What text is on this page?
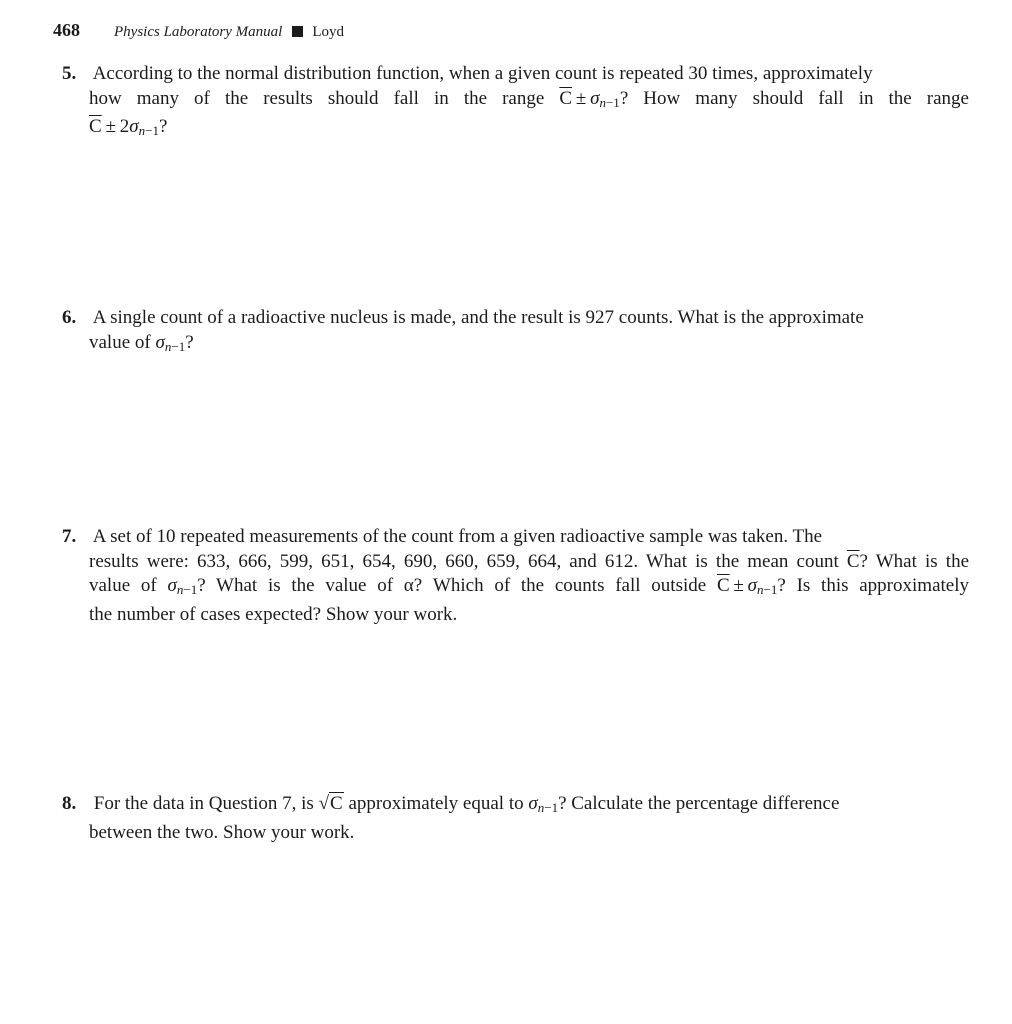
468 Physics Laboratory Manual Loyd
5. According to the normal distribution function, when a given count is repeated 30 times, approximately
how many of the results should fall in the range $\overline{C} \pm \sigma_{n-1}$? How many should fall in the range
$\overline{C} \pm 2\sigma_{n-1}$?
6. A single count of a radioactive nucleus is made, and the result is 927 counts. What is the approximate
value of $\sigma_{n-1}$?
7. A set of 10 repeated measurements of the count from a given radioactive sample was taken. The
results were: 633, 666, 599, 651, 654, 690, 660, 659, 664, and 612. What is the mean count $\overline{C}$? What is the
value of $\sigma_{n-1}$? What is the value of α? Which of the counts fall outside $\overline{C} \pm \sigma_{n-1}$? Is this approximately
the number of cases expected? Show your work.
8. For the data in Question 7, is √C approximately equal to $\sigma_{n-1}$? Calculate the percentage difference
between the two. Show your work.
